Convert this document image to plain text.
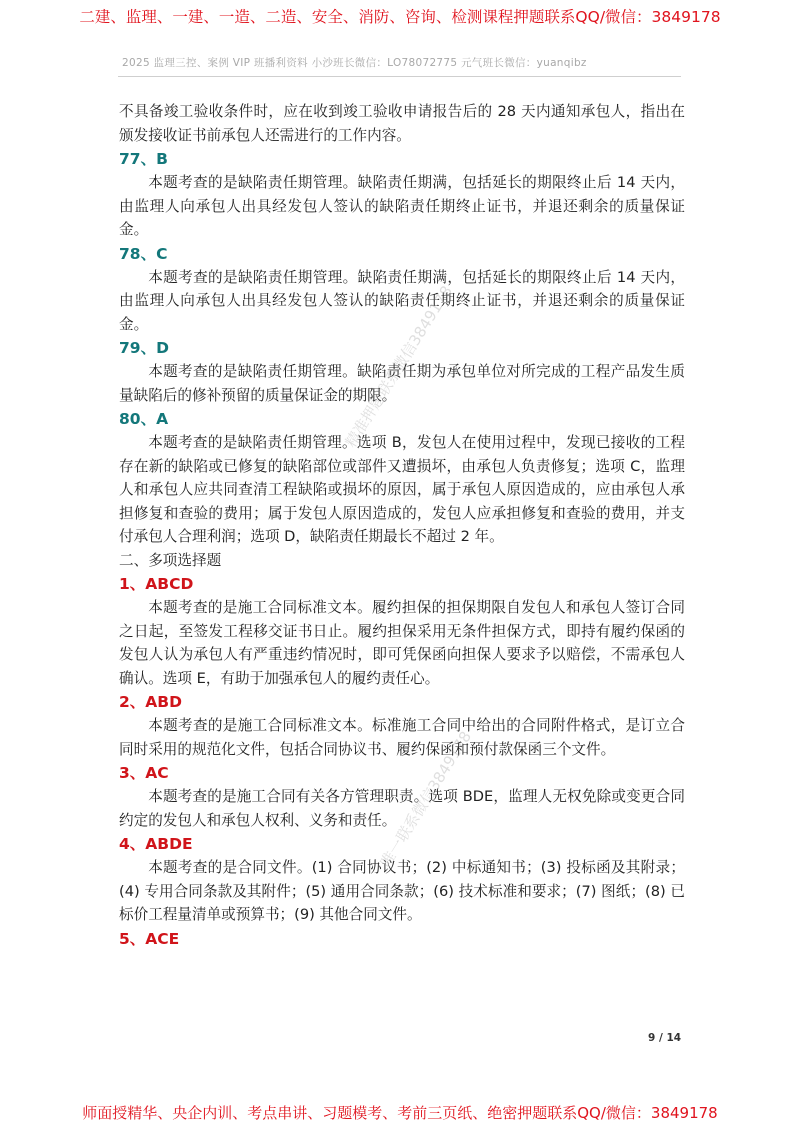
二建、监理、一建、一造、二造、安全、消防、咨询、检测课程押题联系QQ/微信：3849178
2025 监理三控、案例 VIP 班播利资料 小沙班长微信：LO78072775 元气班长微信：yuanqibz

不具备竣工验收条件时，应在收到竣工验收申请报告后的 28 天内通知承包人，指出在颁发接收证书前承包人还需进行的工作内容。

77、B

本题考查的是缺陷责任期管理。缺陷责任期满，包括延长的期限终止后 14 天内，由监理人向承包人出具经发包人签认的缺陷责任期终止证书，并退还剩余的质量保证金。

78、C

本题考查的是缺陷责任期管理。缺陷责任期满，包括延长的期限终止后 14 天内，由监理人向承包人出具经发包人签认的缺陷责任期终止证书，并退还剩余的质量保证金。

79、D

本题考查的是缺陷责任期管理。缺陷责任期为承包单位对所完成的工程产品发生质量缺陷后的修补预留的质量保证金的期限。

80、A

本题考查的是缺陷责任期管理。选项 B，发包人在使用过程中，发现已接收的工程存在新的缺陷或已修复的缺陷部位或部件又遭损坏，由承包人负责修复；选项 C，监理人和承包人应共同查清工程缺陷或损坏的原因，属于承包人原因造成的，应由承包人承担修复和查验的费用；属于发包人原因造成的，发包人应承担修复和查验的费用，并支付承包人合理利润；选项 D，缺陷责任期最长不超过 2 年。

二、多项选择题

1、ABCD

本题考查的是施工合同标准文本。履约担保的担保期限自发包人和承包人签订合同之日起，至签发工程移交证书日止。履约担保采用无条件担保方式，即持有履约保函的发包人认为承包人有严重违约情况时，即可凭保函向担保人要求予以赔偿，不需承包人确认。选项 E，有助于加强承包人的履约责任心。

2、ABD

本题考查的是施工合同标准文本。标准施工合同中给出的合同附件格式，是订立合同时采用的规范化文件，包括合同协议书、履约保函和预付款保函三个文件。

3、AC

本题考查的是施工合同有关各方管理职责。选项 BDE，监理人无权免除或变更合同约定的发包人和承包人权利、义务和责任。

4、ABDE

本题考查的是合同文件。(1) 合同协议书；(2) 中标通知书；(3) 投标函及其附录；(4) 专用合同条款及其附件；(5) 通用合同条款；(6) 技术标准和要求；(7) 图纸；(8) 已标价工程量清单或预算书；(9) 其他合同文件。

5、ACE

精准押题联系微信3849178
唯一联系微信3849178
9 / 14
师面授精华、央企内训、考点串讲、习题模考、考前三页纸、绝密押题联系QQ/微信：3849178
